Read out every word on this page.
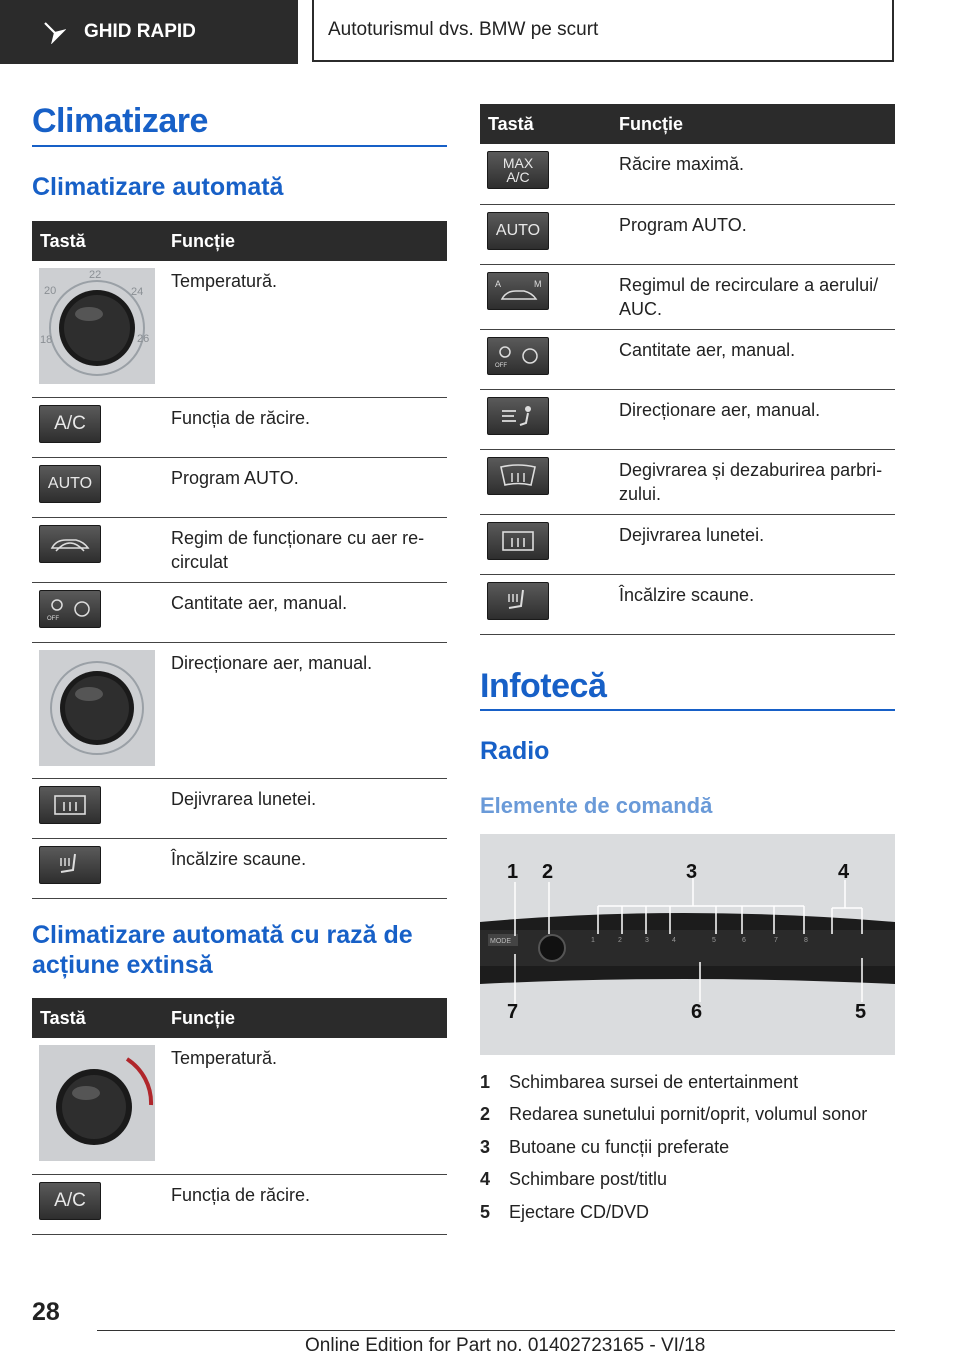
GHID RAPID	Autoturismul dvs. BMW pe scurt
Climatizare
Climatizare automată
Tastă	Funcție

22
20 24
18 26	Temperatură.

A/C	Funcția de răcire.

AUTO	Program AUTO.

	Regim de funcționare cu aer re-circulat

OFF	Cantitate aer, manual.

	Direcționare aer, manual.

	Dejivrarea lunetei.

	Încălzire scaune.
Climatizare automată cu rază de acțiune extinsă
Tastă	Funcție

	Temperatură.

A/C	Funcția de răcire.
Tastă	Funcție

MAX
A/C	Răcire maximă.

AUTO	Program AUTO.

A M	Regimul de recirculare a aerului/ AUC.

OFF	Cantitate aer, manual.

	Direcționare aer, manual.

	Degivrarea și dezaburirea parbri-zului.

	Dejivrarea lunetei.

	Încălzire scaune.
Infotecă
Radio
Elemente de comandă
MODE	1	2	3	4	5	6	7	8
1 2	3	4
7	6	5
1	Schimbarea sursei de entertainment
2	Redarea sunetului pornit/oprit, volumul sonor
3	Butoane cu funcții preferate
4	Schimbare post/titlu
5	Ejectare CD/DVD
28
Online Edition for Part no. 01402723165 - VI/18
